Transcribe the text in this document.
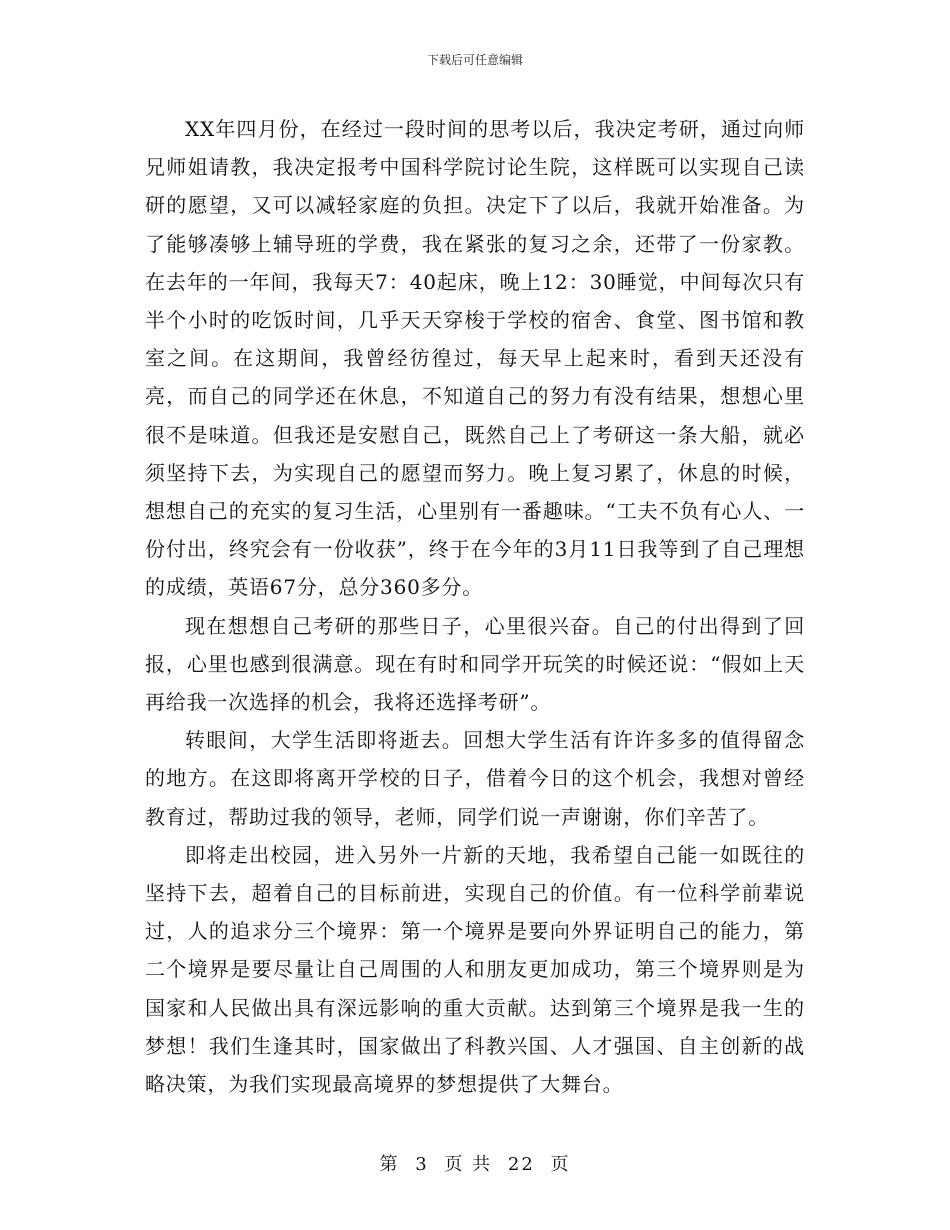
下载后可任意编辑

XX年四月份，在经过一段时间的思考以后，我决定考研，通过向师兄师姐请教，我决定报考中国科学院讨论生院，这样既可以实现自己读研的愿望，又可以减轻家庭的负担。决定下了以后，我就开始准备。为了能够凑够上辅导班的学费，我在紧张的复习之余，还带了一份家教。在去年的一年间，我每天7：40起床，晚上12：30睡觉，中间每次只有半个小时的吃饭时间，几乎天天穿梭于学校的宿舍、食堂、图书馆和教室之间。在这期间，我曾经彷徨过，每天早上起来时，看到天还没有亮，而自己的同学还在休息，不知道自己的努力有没有结果，想想心里很不是味道。但我还是安慰自己，既然自己上了考研这一条大船，就必须坚持下去，为实现自己的愿望而努力。晚上复习累了，休息的时候，想想自己的充实的复习生活，心里别有一番趣味。“工夫不负有心人、一份付出，终究会有一份收获”，终于在今年的3月11日我等到了自己理想的成绩，英语67分，总分360多分。

现在想想自己考研的那些日子，心里很兴奋。自己的付出得到了回报，心里也感到很满意。现在有时和同学开玩笑的时候还说：“假如上天再给我一次选择的机会，我将还选择考研”。

转眼间，大学生活即将逝去。回想大学生活有许许多多的值得留念的地方。在这即将离开学校的日子，借着今日的这个机会，我想对曾经教育过，帮助过我的领导，老师，同学们说一声谢谢，你们辛苦了。

即将走出校园，进入另外一片新的天地，我希望自己能一如既往的坚持下去，超着自己的目标前进，实现自己的价值。有一位科学前辈说过，人的追求分三个境界：第一个境界是要向外界证明自己的能力，第二个境界是要尽量让自己周围的人和朋友更加成功，第三个境界则是为国家和人民做出具有深远影响的重大贡献。达到第三个境界是我一生的梦想！我们生逢其时，国家做出了科教兴国、人才强国、自主创新的战略决策，为我们实现最高境界的梦想提供了大舞台。

第 3 页 共 22 页
